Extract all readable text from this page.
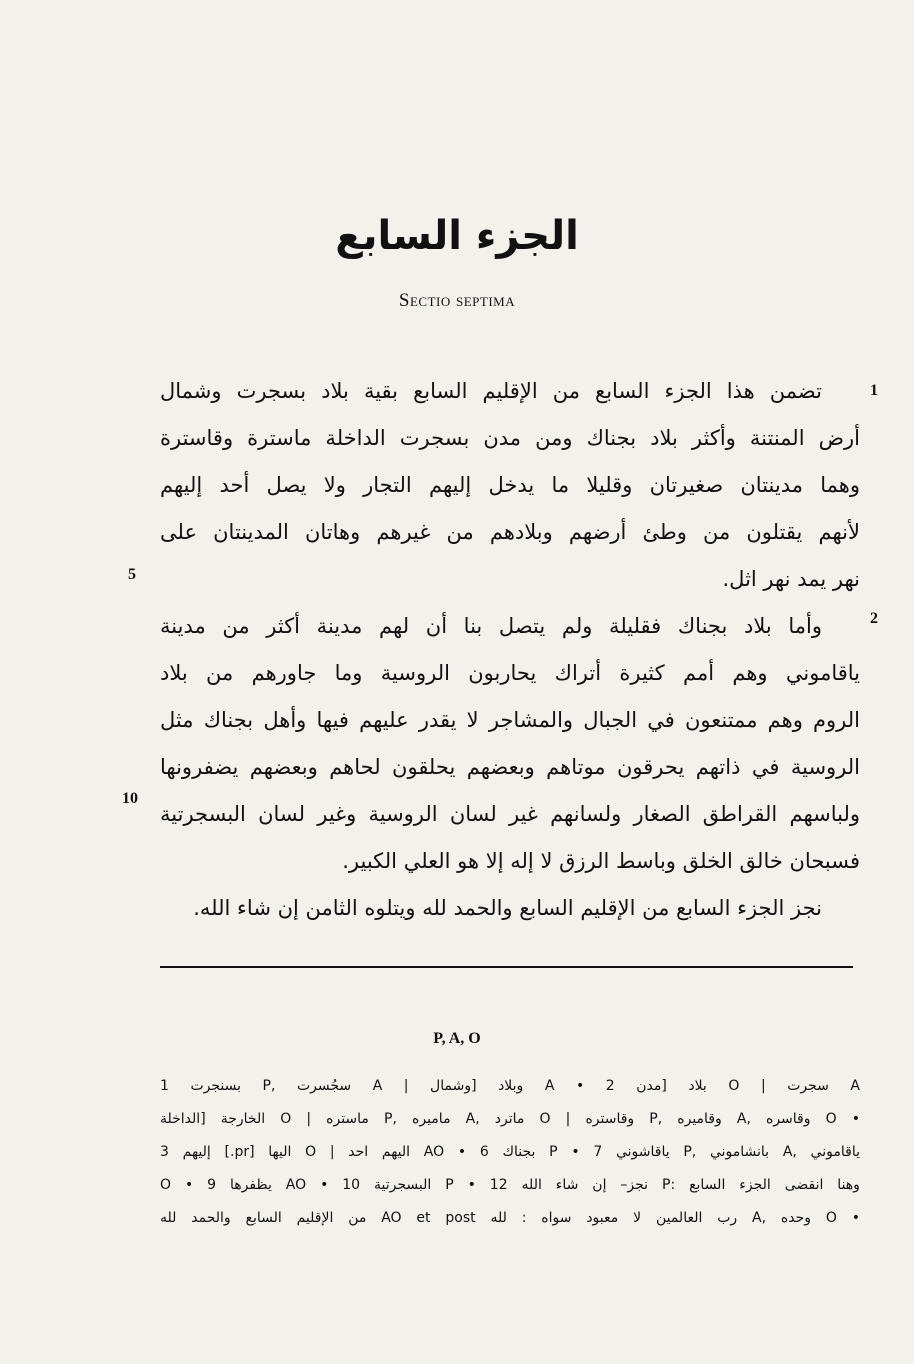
الجزء السابع
Sectio septima
تضمن هذا الجزء السابع من الإقليم السابع بقية بلاد بسجرت وشمال
أرض المنتنة وأكثر بلاد بجناك ومن مدن بسجرت الداخلة ماسترة وقاسترة
وهما مدينتان صغيرتان وقليلا ما يدخل إليهم التجار ولا يصل أحد إليهم
لأنهم يقتلون من وطئ أرضهم وبلادهم من غيرهم وهاتان المدينتان على
نهر يمد نهر اثل.
وأما بلاد بجناك فقليلة ولم يتصل بنا أن لهم مدينة أكثر من مدينة
ياقاموني وهم أمم كثيرة أتراك يحاربون الروسية وما جاورهم من بلاد
الروم وهم ممتنعون في الجبال والمشاجر لا يقدر عليهم فيها وأهل بجناك مثل
الروسية في ذاتهم يحرقون موتاهم وبعضهم يحلقون لحاهم وبعضهم يضفرونها
ولباسهم القراطق الصغار ولسانهم غير لسان الروسية وغير لسان البسجرتية
فسبحان خالق الخلق وباسط الرزق لا إله إلا هو العلي الكبير.
نجز الجزء السابع من الإقليم السابع والحمد لله ويتلوه الثامن إن شاء الله.
1
5
2
10
P, A, O
A سجرت | O بلاد [مدن 2 • A وبلاد [وشمال | A سجُسرت ,P بسنجرت 1
• O وقاسره ,A وقاميره ,P وقاستره | O ماترد ,A ماميره ,P ماستره | O الخارجة [الداخلة
ياقاموني ,A بانشاموني ,P ياقاشوني 7 • P بجناك 6 • AO اليهم احد | O اليها [pr.] إليهم 3
وهنا انقضى الجزء السابع :P نجز– إن شاء الله 12 • P البسجرتية 10 • AO يظفرها 9 • O
• O وحده ,A رب العالمين لا معبود سواه : لله AO et post من الإقليم السابع والحمد لله
